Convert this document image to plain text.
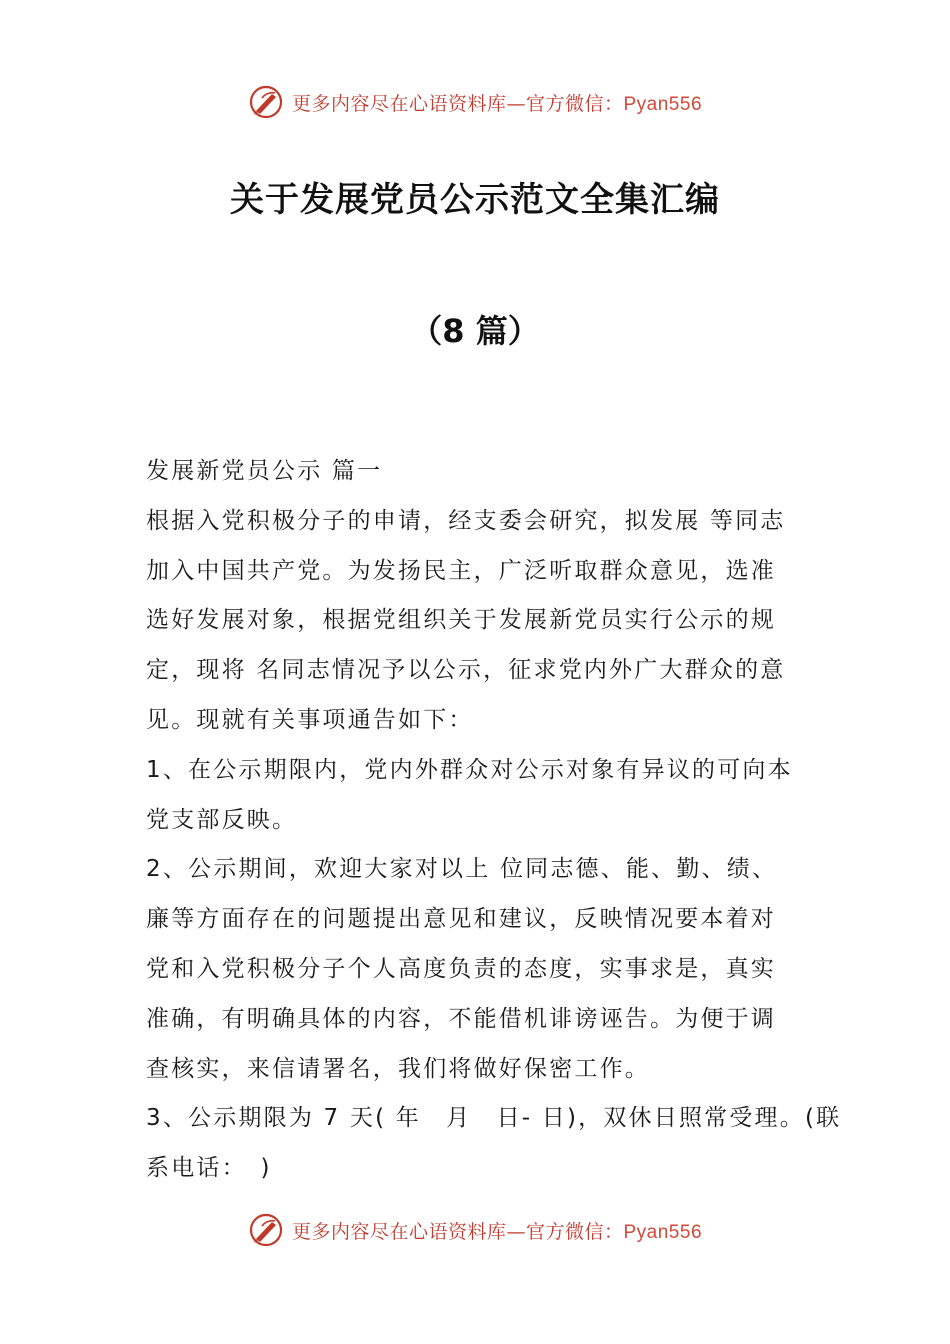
更多内容尽在心语资料库—官方微信：Pyan556
关于发展党员公示范文全集汇编
（8 篇）
发展新党员公示 篇一
根据入党积极分子的申请，经支委会研究，拟发展 等同志
加入中国共产党。为发扬民主，广泛听取群众意见，选准
选好发展对象，根据党组织关于发展新党员实行公示的规
定，现将 名同志情况予以公示，征求党内外广大群众的意
见。现就有关事项通告如下：
1、在公示期限内，党内外群众对公示对象有异议的可向本
党支部反映。
2、公示期间，欢迎大家对以上 位同志德、能、勤、绩、
廉等方面存在的问题提出意见和建议，反映情况要本着对
党和入党积极分子个人高度负责的态度，实事求是，真实
准确，有明确具体的内容，不能借机诽谤诬告。为便于调
查核实，来信请署名，我们将做好保密工作。
3、公示期限为 7 天( 年　月　日- 日)，双休日照常受理。(联
系电话：　)
更多内容尽在心语资料库—官方微信：Pyan556
